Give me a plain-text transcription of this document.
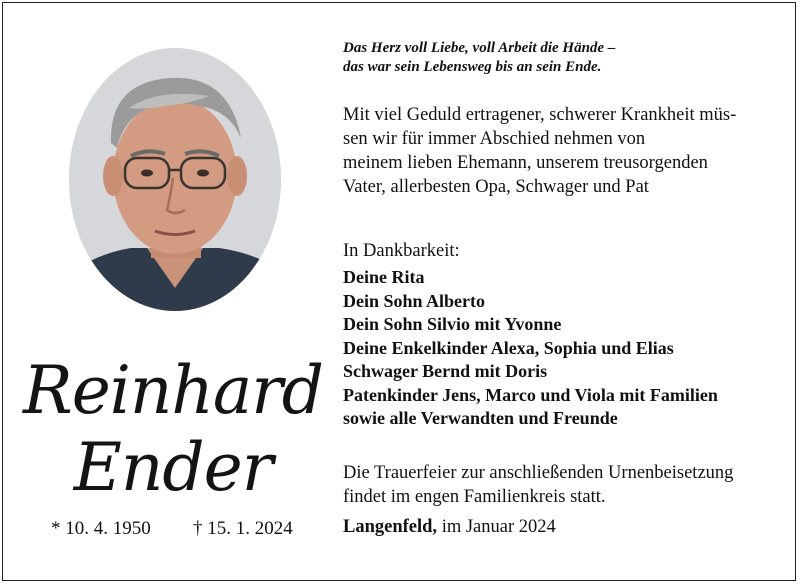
Reinhard
Ender
* 10. 4. 1950 † 15. 1. 2024
Das Herz voll Liebe, voll Arbeit die Hände –
das war sein Lebensweg bis an sein Ende.
Mit viel Geduld ertragener, schwerer Krankheit müs-
sen wir für immer Abschied nehmen von
meinem lieben Ehemann, unserem treusorgenden
Vater, allerbesten Opa, Schwager und Pat
In Dankbarkeit:
Deine Rita
Dein Sohn Alberto
Dein Sohn Silvio mit Yvonne
Deine Enkelkinder Alexa, Sophia und Elias
Schwager Bernd mit Doris
Patenkinder Jens, Marco und Viola mit Familien
sowie alle Verwandten und Freunde
Die Trauerfeier zur anschließenden Urnenbeisetzung
findet im engen Familienkreis statt.
Langenfeld, im Januar 2024
